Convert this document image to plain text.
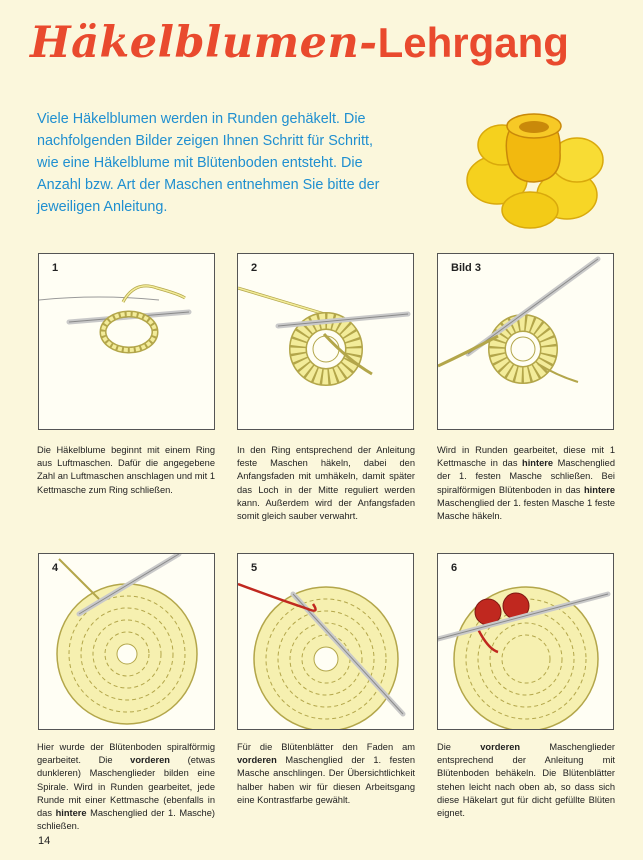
Häkelblumen-Lehrgang

Viele Häkelblumen werden in Runden gehäkelt. Die nachfolgenden Bilder zeigen Ihnen Schritt für Schritt, wie eine Häkelblume mit Blütenboden entsteht. Die Anzahl bzw. Art der Maschen entnehmen Sie bitte der jeweiligen Anleitung.

1

Die Häkelblume beginnt mit einem Ring aus Luftmaschen. Dafür die angegebene Zahl an Luftmaschen anschlagen und mit 1 Kettmasche zum Ring schließen.

2

In den Ring entsprechend der Anleitung feste Maschen häkeln, dabei den Anfangsfaden mit umhäkeln, damit später das Loch in der Mitte reguliert werden kann. Außerdem wird der Anfangsfaden somit gleich sauber verwahrt.

Bild 3

Wird in Runden gearbeitet, diese mit 1 Kettmasche in das hintere Maschenglied der 1. festen Masche schließen. Bei spiralförmigen Blütenboden in das hintere Maschenglied der 1. festen Masche 1 feste Masche häkeln.

4

Hier wurde der Blütenboden spiralförmig gearbeitet. Die vorderen (etwas dunkleren) Maschenglieder bilden eine Spirale. Wird in Runden gearbeitet, jede Runde mit einer Kettmasche (ebenfalls in das hintere Maschenglied der 1. Masche) schließen.

5

Für die Blütenblätter den Faden am vorderen Maschenglied der 1. festen Masche anschlingen. Der Übersichtlichkeit halber haben wir für diesen Arbeitsgang eine Kontrastfarbe gewählt.

6

Die vorderen Maschenglieder entsprechend der Anleitung mit Blütenboden behäkeln. Die Blütenblätter stehen leicht nach oben ab, so dass sich diese Häkelart gut für dicht gefüllte Blüten eignet.

14
